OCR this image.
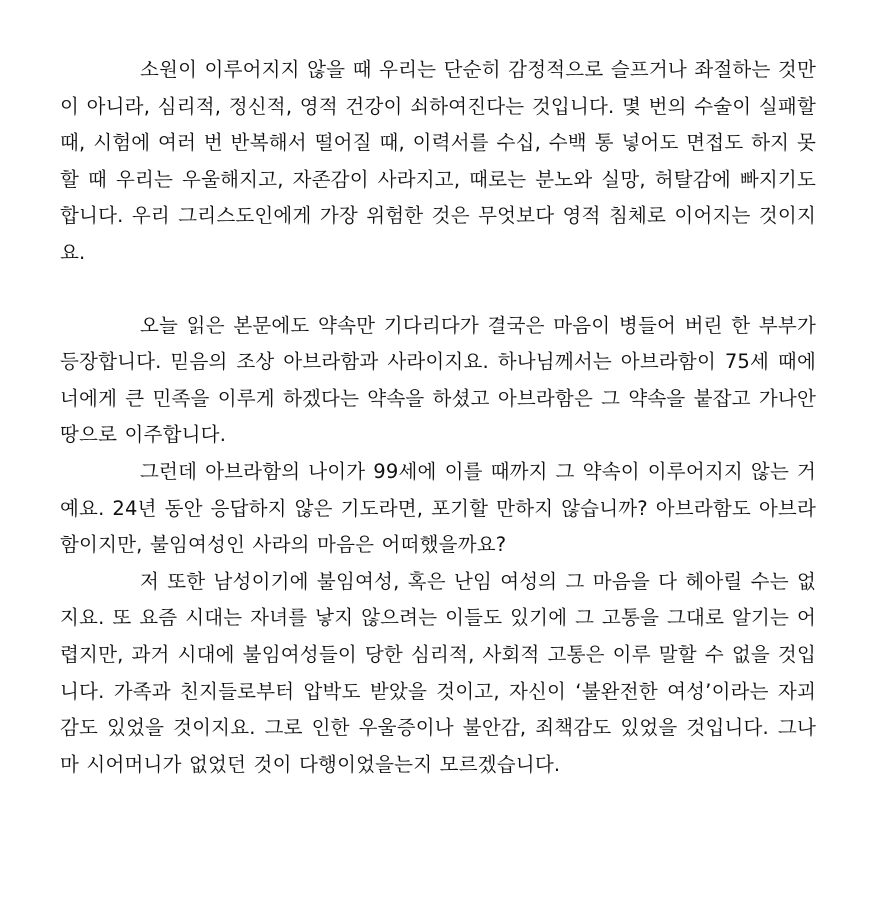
소원이 이루어지지 않을 때 우리는 단순히 감정적으로 슬프거나 좌절하는 것만이 아니라, 심리적, 정신적, 영적 건강이 쇠하여진다는 것입니다. 몇 번의 수술이 실패할 때, 시험에 여러 번 반복해서 떨어질 때, 이력서를 수십, 수백 통 넣어도 면접도 하지 못할 때 우리는 우울해지고, 자존감이 사라지고, 때로는 분노와 실망, 허탈감에 빠지기도 합니다. 우리 그리스도인에게 가장 위험한 것은 무엇보다 영적 침체로 이어지는 것이지요.

오늘 읽은 본문에도 약속만 기다리다가 결국은 마음이 병들어 버린 한 부부가 등장합니다. 믿음의 조상 아브라함과 사라이지요. 하나님께서는 아브라함이 75세 때에 너에게 큰 민족을 이루게 하겠다는 약속을 하셨고 아브라함은 그 약속을 붙잡고 가나안땅으로 이주합니다.

그런데 아브라함의 나이가 99세에 이를 때까지 그 약속이 이루어지지 않는 거예요. 24년 동안 응답하지 않은 기도라면, 포기할 만하지 않습니까? 아브라함도 아브라함이지만, 불임여성인 사라의 마음은 어떠했을까요?

저 또한 남성이기에 불임여성, 혹은 난임 여성의 그 마음을 다 헤아릴 수는 없지요. 또 요즘 시대는 자녀를 낳지 않으려는 이들도 있기에 그 고통을 그대로 알기는 어렵지만, 과거 시대에 불임여성들이 당한 심리적, 사회적 고통은 이루 말할 수 없을 것입니다. 가족과 친지들로부터 압박도 받았을 것이고, 자신이 ‘불완전한 여성’이라는 자괴감도 있었을 것이지요. 그로 인한 우울증이나 불안감, 죄책감도 있었을 것입니다. 그나마 시어머니가 없었던 것이 다행이었을는지 모르겠습니다.
